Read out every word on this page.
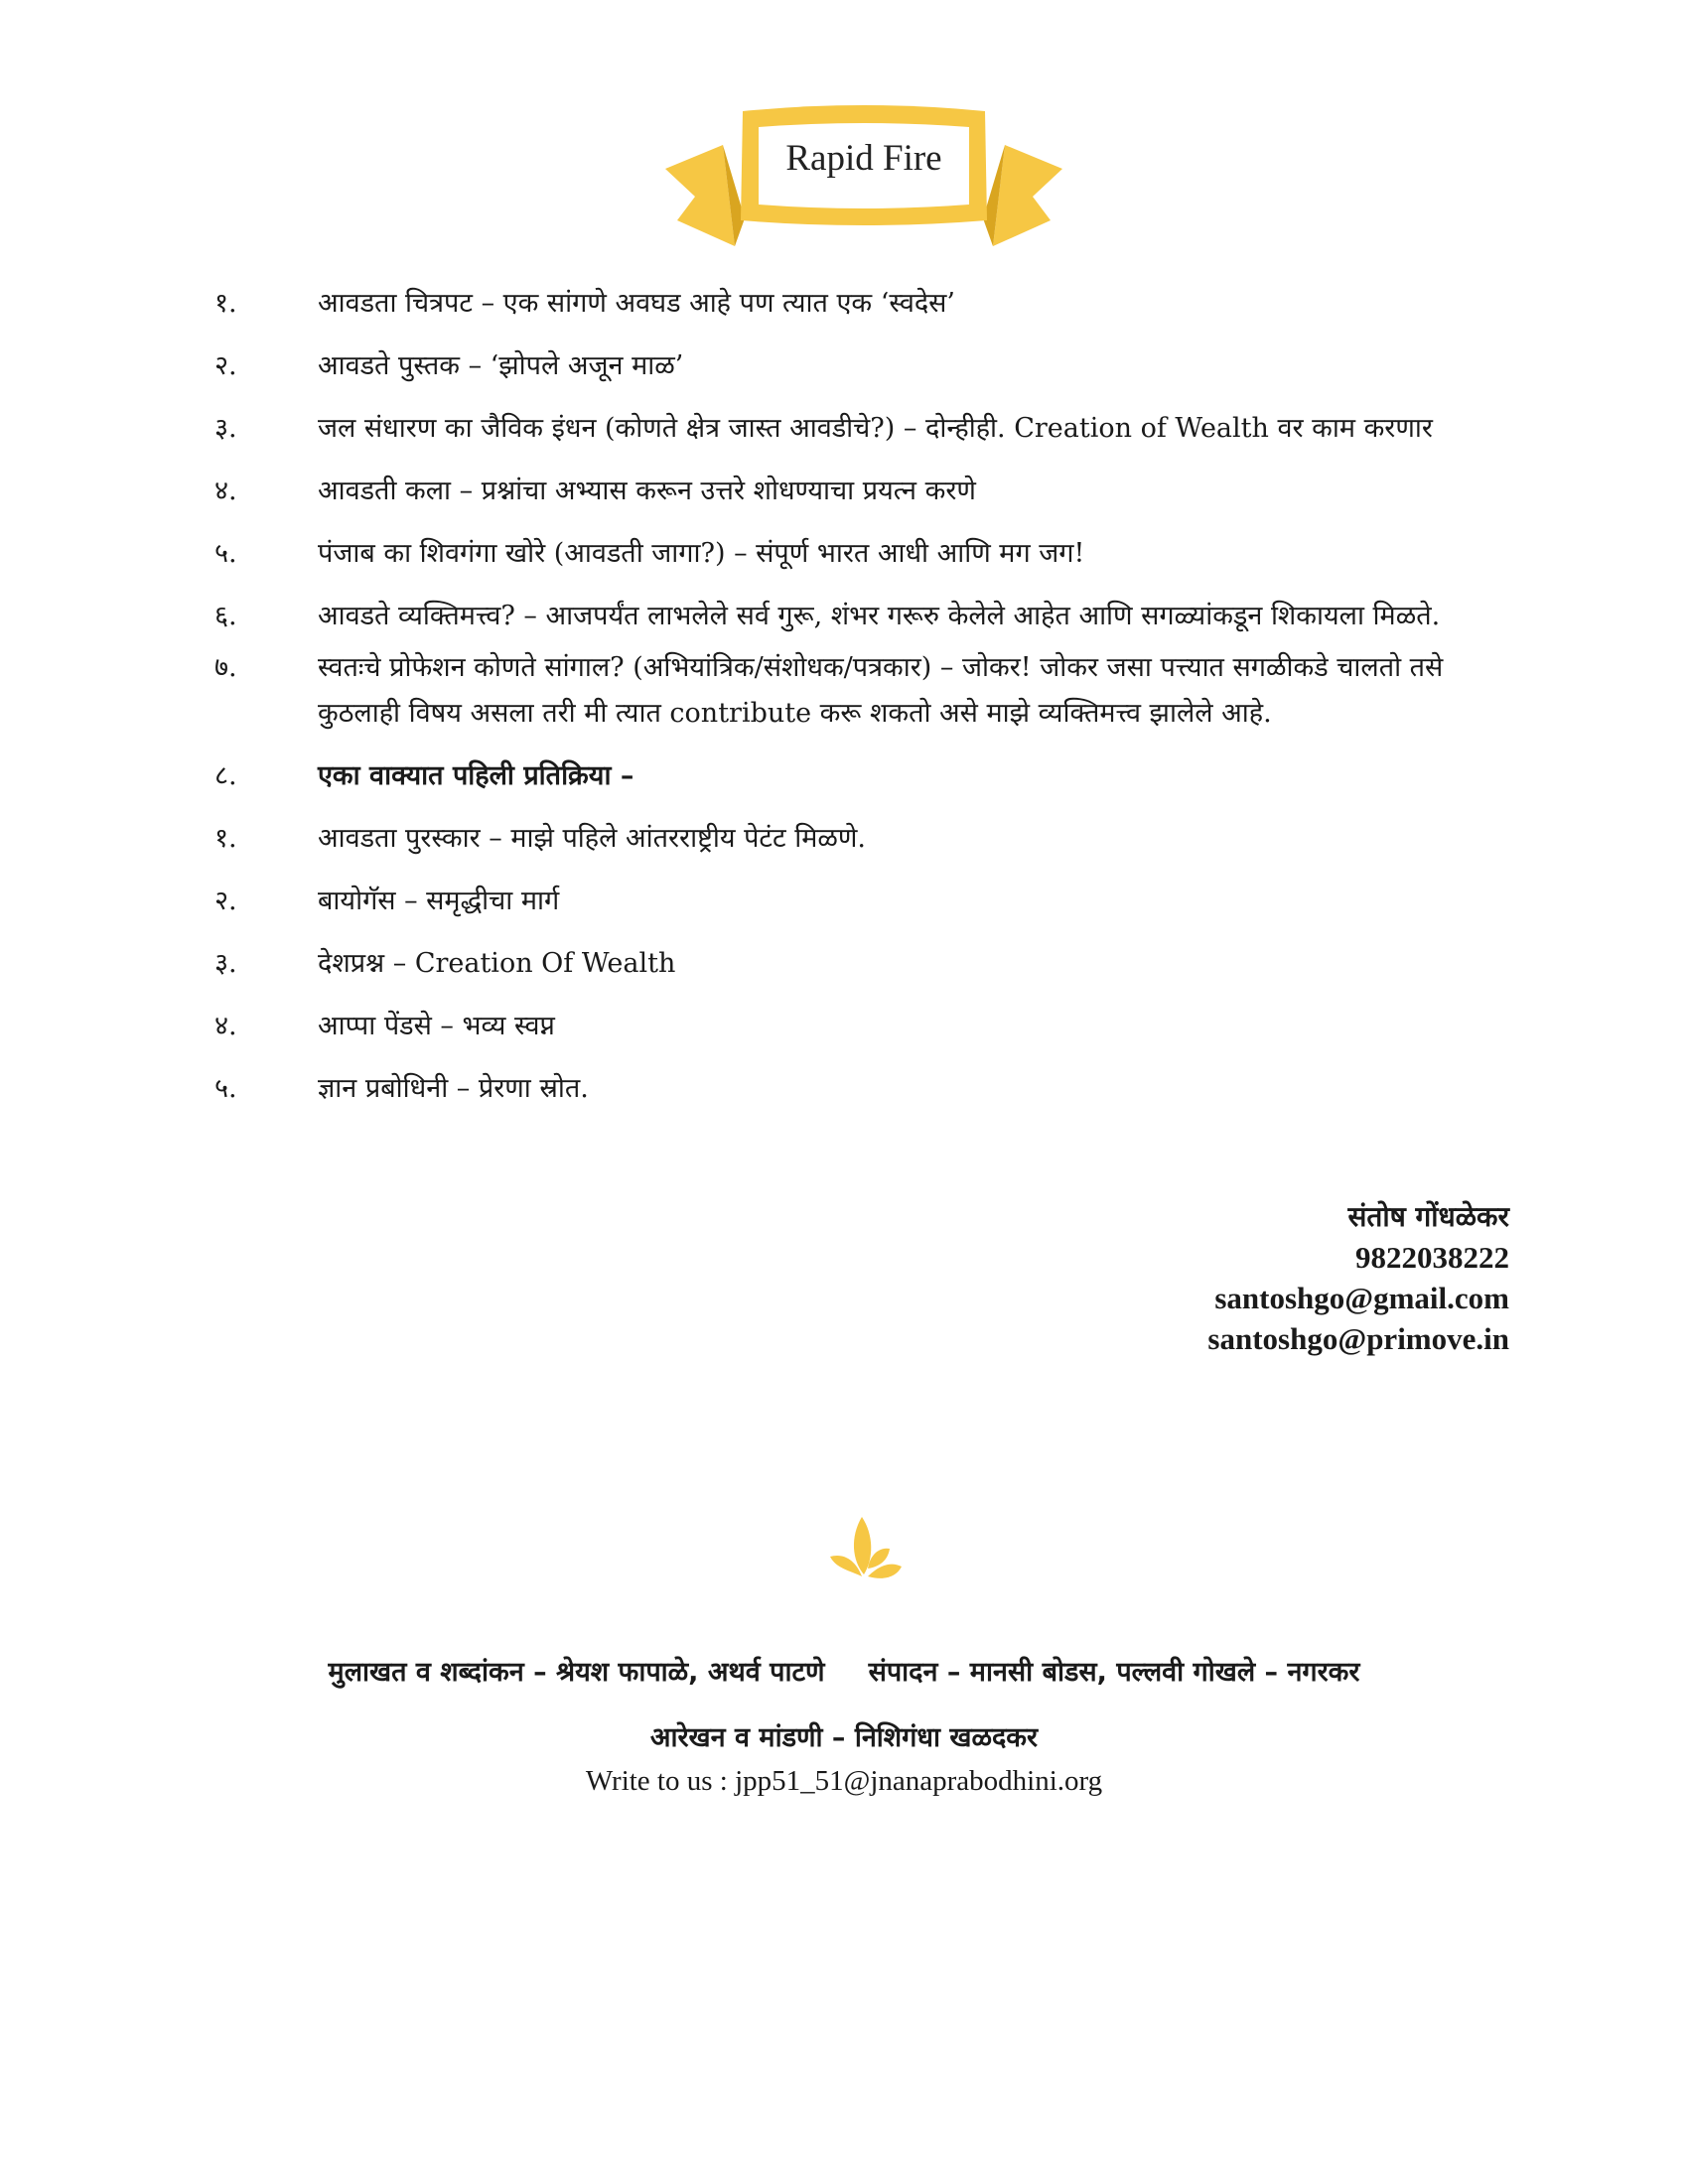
Rapid Fire
१.	आवडता चित्रपट – एक सांगणे अवघड आहे पण त्यात एक ‘स्वदेस’
२.	आवडते पुस्तक – ‘झोपले अजून माळ’
३.	जल संधारण का जैविक इंधन (कोणते क्षेत्र जास्त आवडीचे?) – दोन्हीही. Creation of Wealth वर काम करणार
४.	आवडती कला – प्रश्नांचा अभ्यास करून उत्तरे शोधण्याचा प्रयत्न करणे
५.	पंजाब का शिवगंगा खोरे (आवडती जागा?) – संपूर्ण भारत आधी आणि मग जग!
६.	आवडते व्यक्तिमत्त्व? – आजपर्यंत लाभलेले सर्व गुरू, शंभर गरूरु केलेले आहेत आणि सगळ्यांकडून शिकायला मिळते.
७.	स्वतःचे प्रोफेशन कोणते सांगाल? (अभियांत्रिक/संशोधक/पत्रकार) – जोकर! जोकर जसा पत्त्यात सगळीकडे चालतो तसे कुठलाही विषय असला तरी मी त्यात contribute करू शकतो असे माझे व्यक्तिमत्त्व झालेले आहे.
८.	एका वाक्यात पहिली प्रतिक्रिया –
१.	आवडता पुरस्कार – माझे पहिले आंतरराष्ट्रीय पेटंट मिळणे.
२.	बायोगॅस – समृद्धीचा मार्ग
३.	देशप्रश्न – Creation Of Wealth
४.	आप्पा पेंडसे – भव्य स्वप्न
५.	ज्ञान प्रबोधिनी – प्रेरणा स्रोत.
संतोष गोंधळेकर
9822038222
santoshgo@gmail.com
santoshgo@primove.in
मुलाखत व शब्दांकन – श्रेयश फापाळे, अथर्व पाटणे संपादन – मानसी बोडस, पल्लवी गोखले – नगरकर
आरेखन व मांडणी – निशिगंधा खळदकर
Write to us : jpp51_51@jnanaprabodhini.org
